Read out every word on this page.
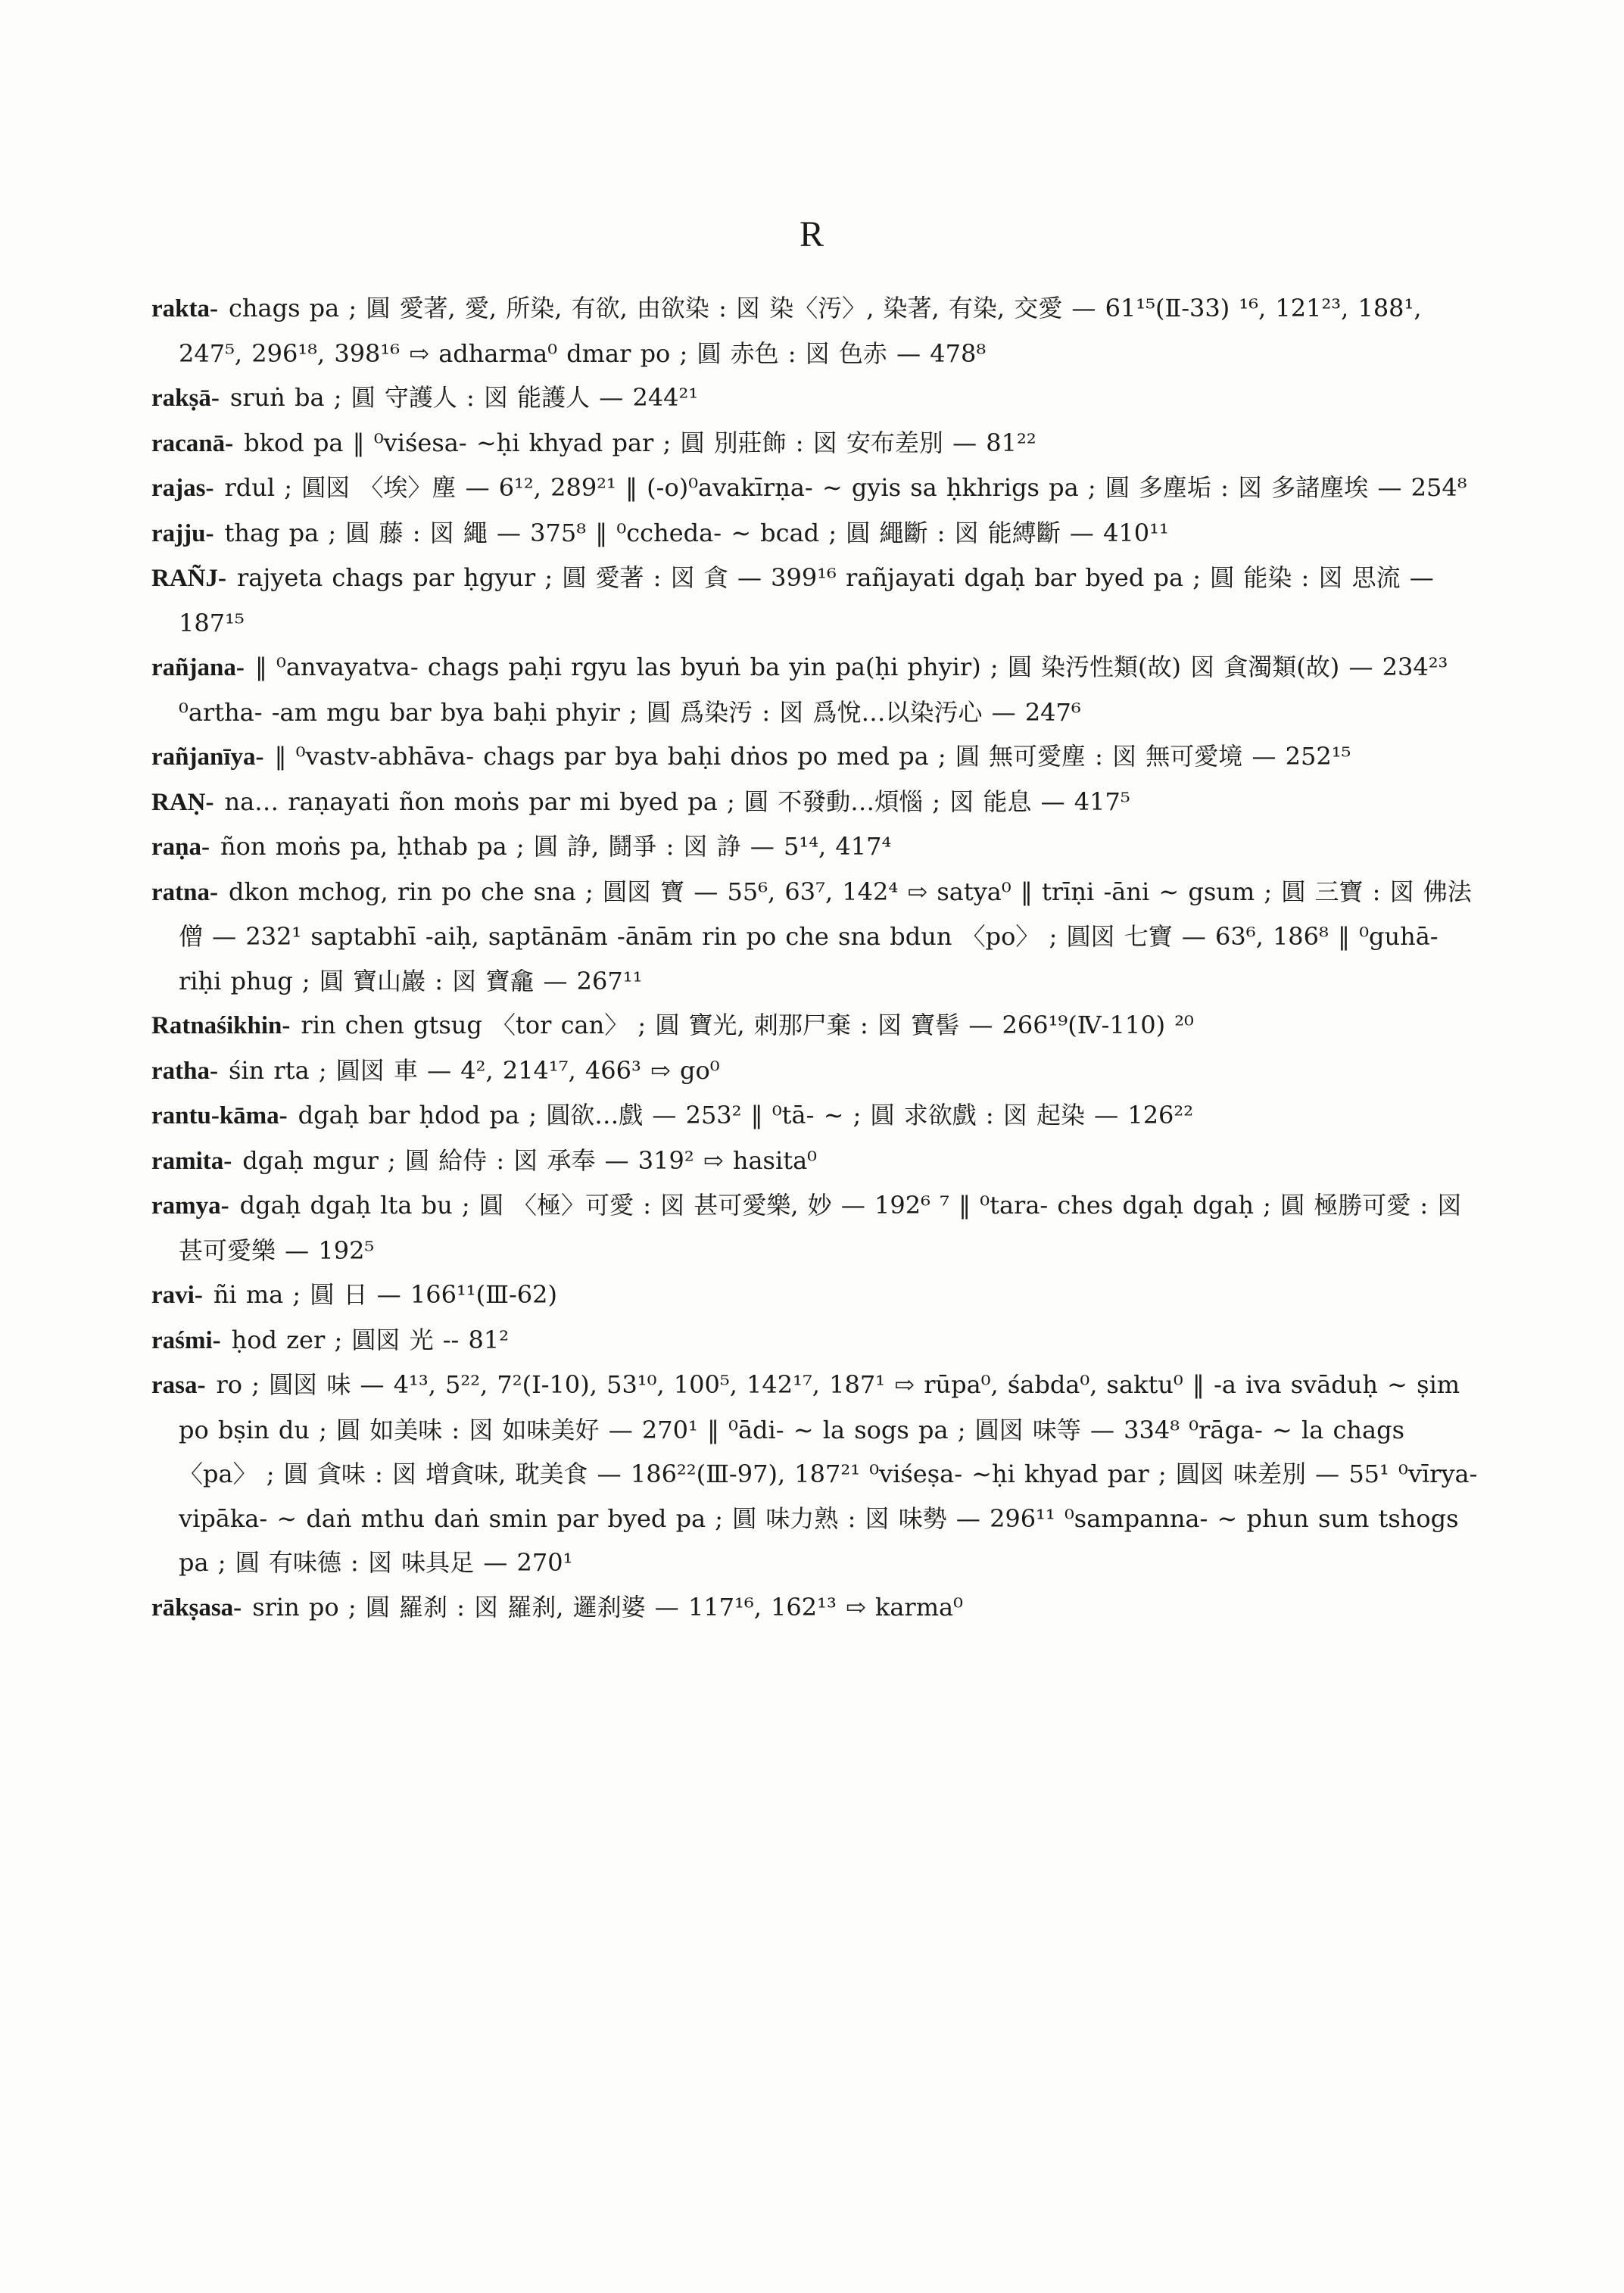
R
rakta- chags pa ; 圓 愛著, 愛, 所染, 有欲, 由欲染 : 図 染〈汚〉, 染著, 有染, 交愛 — 61¹⁵(Ⅱ-33) ¹⁶, 121²³, 188¹, 247⁵, 296¹⁸, 398¹⁶ ⇨ adharma⁰ dmar po ; 圓 赤色 : 図 色赤 — 478⁸
rakṣā- sruṅ ba ; 圓 守護人 : 図 能護人 — 244²¹
racanā- bkod pa ‖ ⁰viśesa- ∼ḥi khyad par ; 圓 別莊飾 : 図 安布差別 — 81²²
rajas- rdul ; 圓図 〈埃〉塵 — 6¹², 289²¹ ‖ (-o)⁰avakīrṇa- ∼ gyis sa ḥkhrigs pa ; 圓 多塵垢 : 図 多諸塵埃 — 254⁸
rajju- thag pa ; 圓 藤 : 図 繩 — 375⁸ ‖ ⁰ccheda- ∼ bcad ; 圓 繩斷 : 図 能縛斷 — 410¹¹
RAÑJ- rajyeta chags par ḥgyur ; 圓 愛著 : 図 貪 — 399¹⁶ rañjayati dgaḥ bar byed pa ; 圓 能染 : 図 思流 — 187¹⁵
rañjana- ‖ ⁰anvayatva- chags paḥi rgyu las byuṅ ba yin pa(ḥi phyir) ; 圓 染汚性類(故) 図 貪濁類(故) — 234²³ ⁰artha- -am mgu bar bya baḥi phyir ; 圓 爲染汚 : 図 爲悅…以染汚心 — 247⁶
rañjanīya- ‖ ⁰vastv-abhāva- chags par bya baḥi dṅos po med pa ; 圓 無可愛塵 : 図 無可愛境 — 252¹⁵
RAṆ- na… raṇayati ñon moṅs par mi byed pa ; 圓 不發動…煩惱 ; 図 能息 — 417⁵
raṇa- ñon moṅs pa, ḥthab pa ; 圓 諍, 鬪爭 : 図 諍 — 5¹⁴, 417⁴
ratna- dkon mchog, rin po che sna ; 圓図 寶 — 55⁶, 63⁷, 142⁴ ⇨ satya⁰ ‖ trīṇi -āni ∼ gsum ; 圓 三寶 : 図 佛法僧 — 232¹ saptabhī -aiḥ, saptānām -ānām rin po che sna bdun 〈po〉 ; 圓図 七寶 — 63⁶, 186⁸ ‖ ⁰guhā- riḥi phug ; 圓 寶山巖 : 図 寶龕 — 267¹¹
Ratnaśikhin- rin chen gtsug 〈tor can〉 ; 圓 寶光, 刺那尸棄 : 図 寶髻 — 266¹⁹(Ⅳ-110) ²⁰
ratha- śin rta ; 圓図 車 — 4², 214¹⁷, 466³ ⇨ go⁰
rantu-kāma- dgaḥ bar ḥdod pa ; 圓欲…戲 — 253² ‖ ⁰tā- ∼ ; 圓 求欲戲 : 図 起染 — 126²²
ramita- dgaḥ mgur ; 圓 給侍 : 図 承奉 — 319² ⇨ hasita⁰
ramya- dgaḥ dgaḥ lta bu ; 圓 〈極〉可愛 : 図 甚可愛樂, 妙 — 192⁶ ⁷ ‖ ⁰tara- ches dgaḥ dgaḥ ; 圓 極勝可愛 : 図 甚可愛樂 — 192⁵
ravi- ñi ma ; 圓 日 — 166¹¹(Ⅲ-62)
raśmi- ḥod zer ; 圓図 光 -- 81²
rasa- ro ; 圓図 味 — 4¹³, 5²², 7²(Ⅰ-10), 53¹⁰, 100⁵, 142¹⁷, 187¹ ⇨ rūpa⁰, śabda⁰, saktu⁰ ‖ -a iva svāduḥ ∼ ṣim po bṣin du ; 圓 如美味 : 図 如味美好 — 270¹ ‖ ⁰ādi- ∼ la sogs pa ; 圓図 味等 — 334⁸ ⁰rāga- ∼ la chags 〈pa〉 ; 圓 貪味 : 図 增貪味, 耽美食 — 186²²(Ⅲ-97), 187²¹ ⁰viśeṣa- ∼ḥi khyad par ; 圓図 味差別 — 55¹ ⁰vīrya-vipāka- ∼ daṅ mthu daṅ smin par byed pa ; 圓 味力熟 : 図 味勢 — 296¹¹ ⁰sampanna- ∼ phun sum tshogs pa ; 圓 有味德 : 図 味具足 — 270¹
rākṣasa- srin po ; 圓 羅刹 : 図 羅刹, 邏刹婆 — 117¹⁶, 162¹³ ⇨ karma⁰
